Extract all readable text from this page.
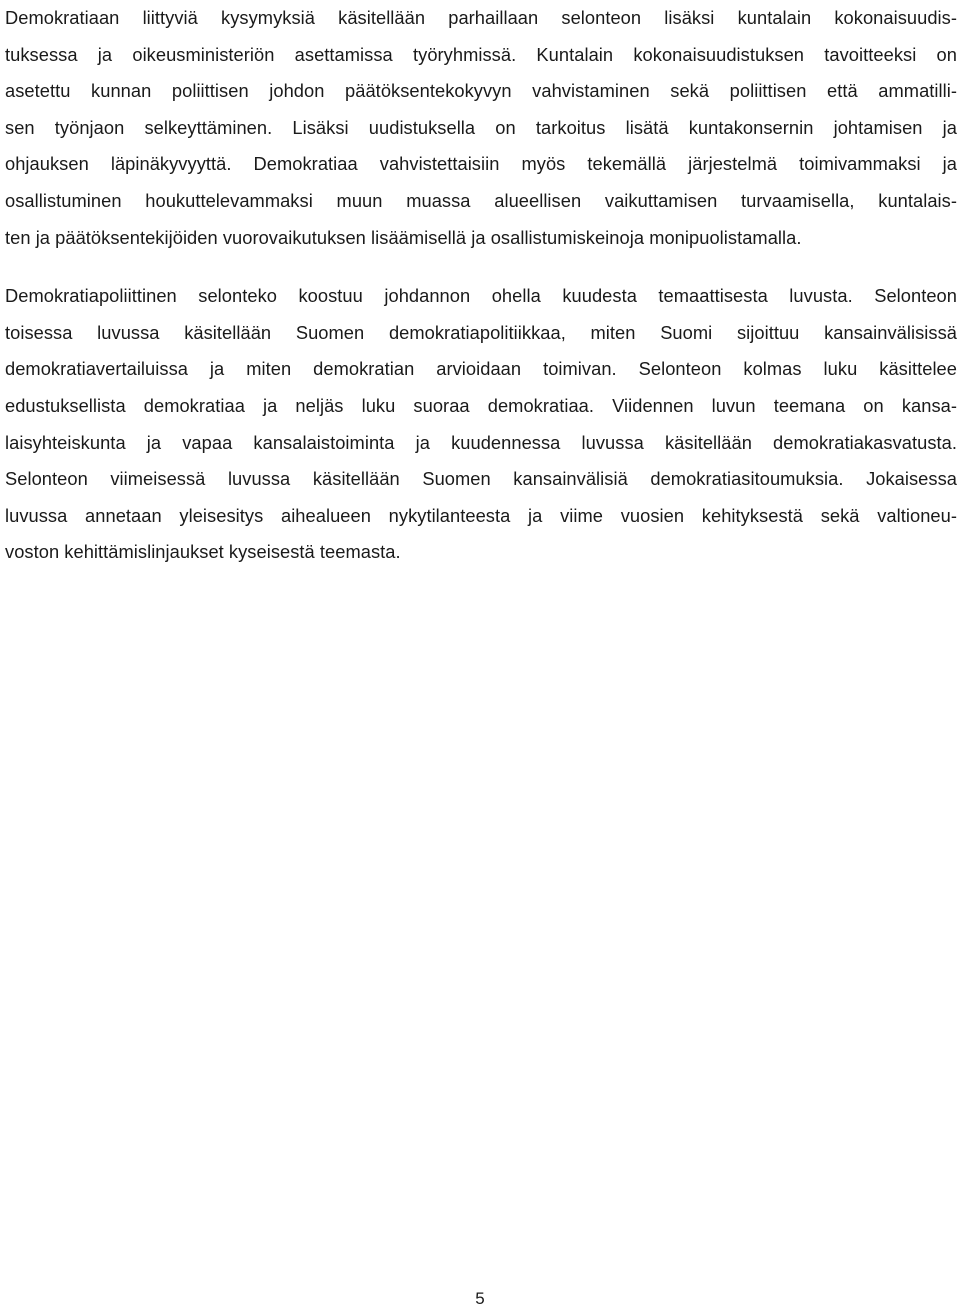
Demokratiaan liittyviä kysymyksiä käsitellään parhaillaan selonteon lisäksi kuntalain kokonaisuudis-
tuksessa ja oikeusministeriön asettamissa työryhmissä. Kuntalain kokonaisuudistuksen tavoitteeksi on
asetettu kunnan poliittisen johdon päätöksentekokyvyn vahvistaminen sekä poliittisen että ammatilli-
sen työnjaon selkeyttäminen. Lisäksi uudistuksella on tarkoitus lisätä kuntakonsernin johtamisen ja
ohjauksen läpinäkyvyyttä. Demokratiaa vahvistettaisiin myös tekemällä järjestelmä toimivammaksi ja
osallistuminen houkuttelevammaksi muun muassa alueellisen vaikuttamisen turvaamisella, kuntalais-
ten ja päätöksentekijöiden vuorovaikutuksen lisäämisellä ja osallistumiskeinoja monipuolistamalla.

Demokratiapoliittinen selonteko koostuu johdannon ohella kuudesta temaattisesta luvusta. Selonteon
toisessa luvussa käsitellään Suomen demokratiapolitiikkaa, miten Suomi sijoittuu kansainvälisissä
demokratiavertailuissa ja miten demokratian arvioidaan toimivan. Selonteon kolmas luku käsittelee
edustuksellista demokratiaa ja neljäs luku suoraa demokratiaa. Viidennen luvun teemana on kansa-
laisyhteiskunta ja vapaa kansalaistoiminta ja kuudennessa luvussa käsitellään demokratiakasvatusta.
Selonteon viimeisessä luvussa käsitellään Suomen kansainvälisiä demokratiasitoumuksia. Jokaisessa
luvussa annetaan yleisesitys aihealueen nykytilanteesta ja viime vuosien kehityksestä sekä valtioneu-
voston kehittämislinjaukset kyseisestä teemasta.

5
